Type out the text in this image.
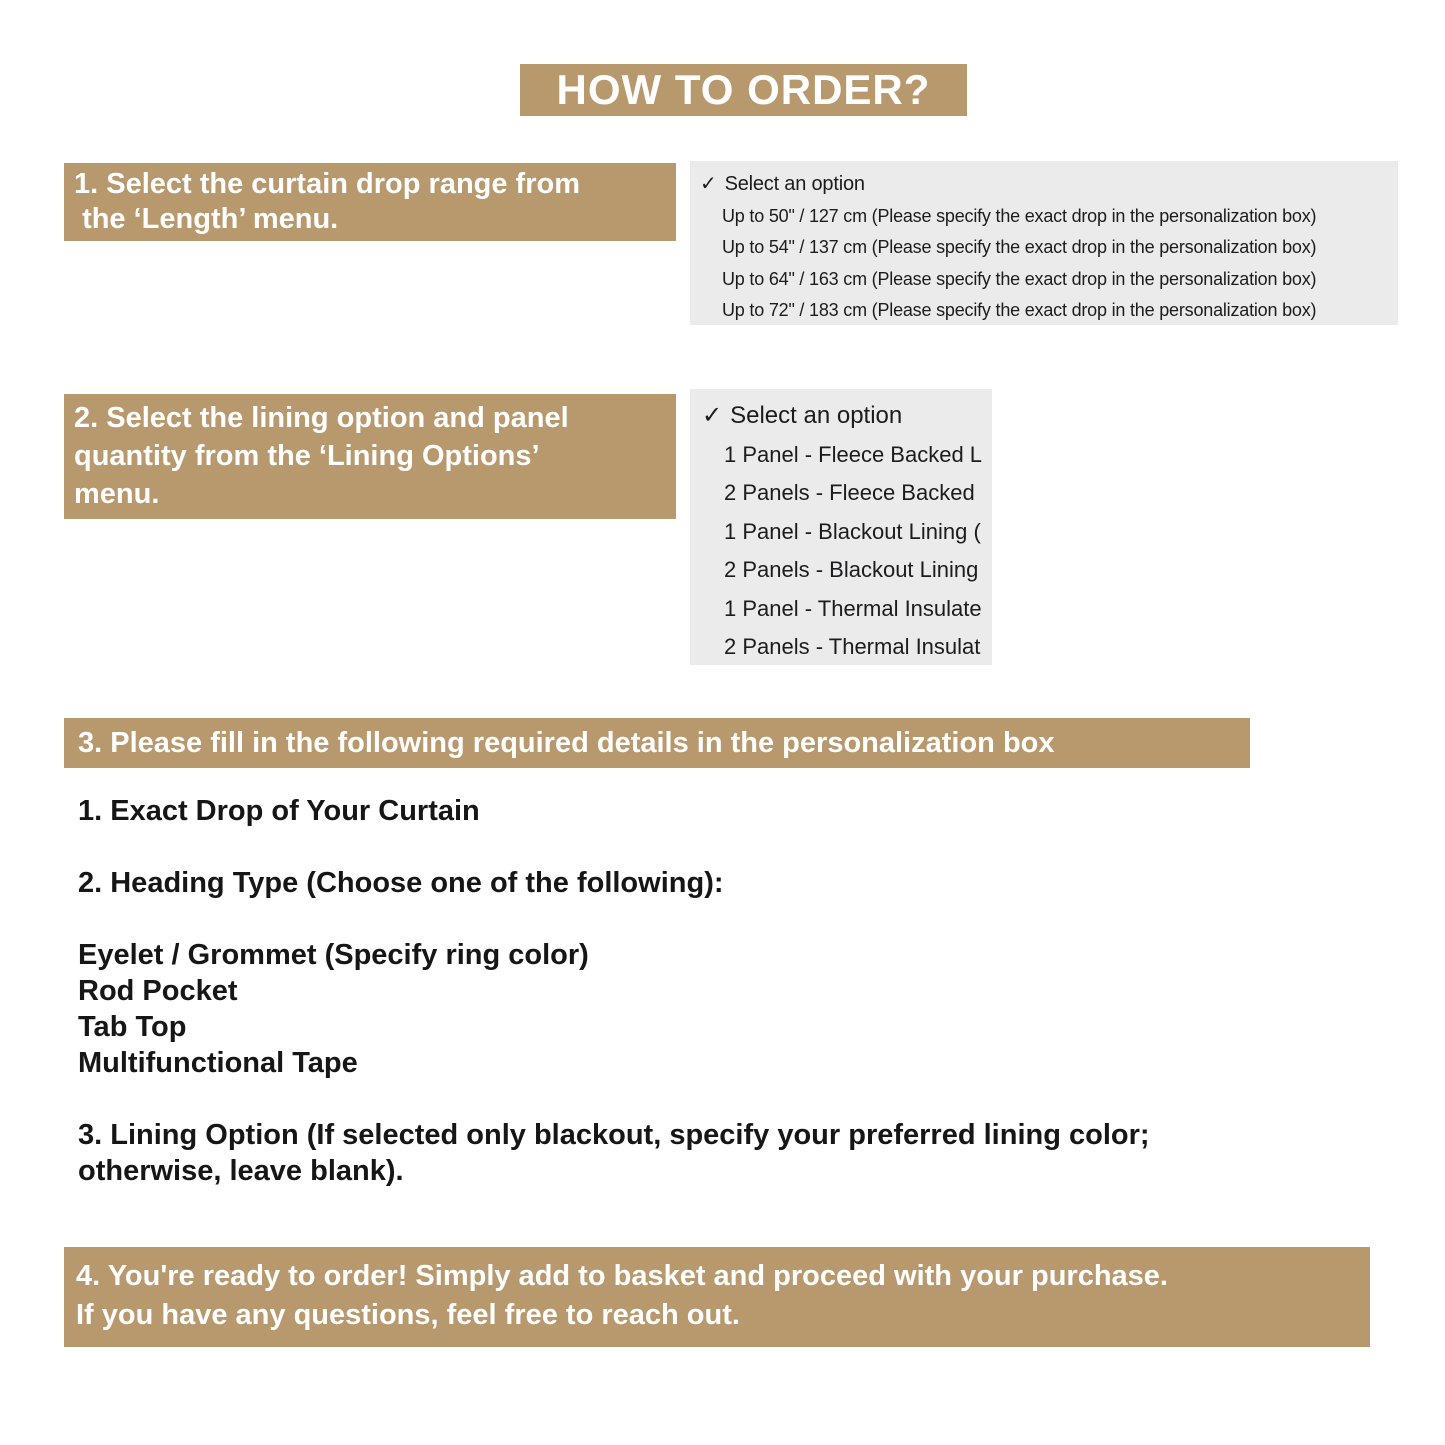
HOW TO ORDER?
1. Select the curtain drop range from
the ‘Length’ menu.
✓ Select an option
Up to 50" / 127 cm (Please specify the exact drop in the personalization box)
Up to 54" / 137 cm (Please specify the exact drop in the personalization box)
Up to 64" / 163 cm (Please specify the exact drop in the personalization box)
Up to 72" / 183 cm (Please specify the exact drop in the personalization box)
2. Select the lining option and panel
quantity from the ‘Lining Options’
menu.
✓ Select an option
1 Panel - Fleece Backed L
2 Panels - Fleece Backed
1 Panel - Blackout Lining (
2 Panels - Blackout Lining
1 Panel - Thermal Insulate
2 Panels - Thermal Insulat
3. Please fill in the following required details in the personalization box
1. Exact Drop of Your Curtain
2. Heading Type (Choose one of the following):
Eyelet / Grommet (Specify ring color)
Rod Pocket
Tab Top
Multifunctional Tape
3. Lining Option (If selected only blackout, specify your preferred lining color;
otherwise, leave blank).
4. You're ready to order! Simply add to basket and proceed with your purchase.
If you have any questions, feel free to reach out.
